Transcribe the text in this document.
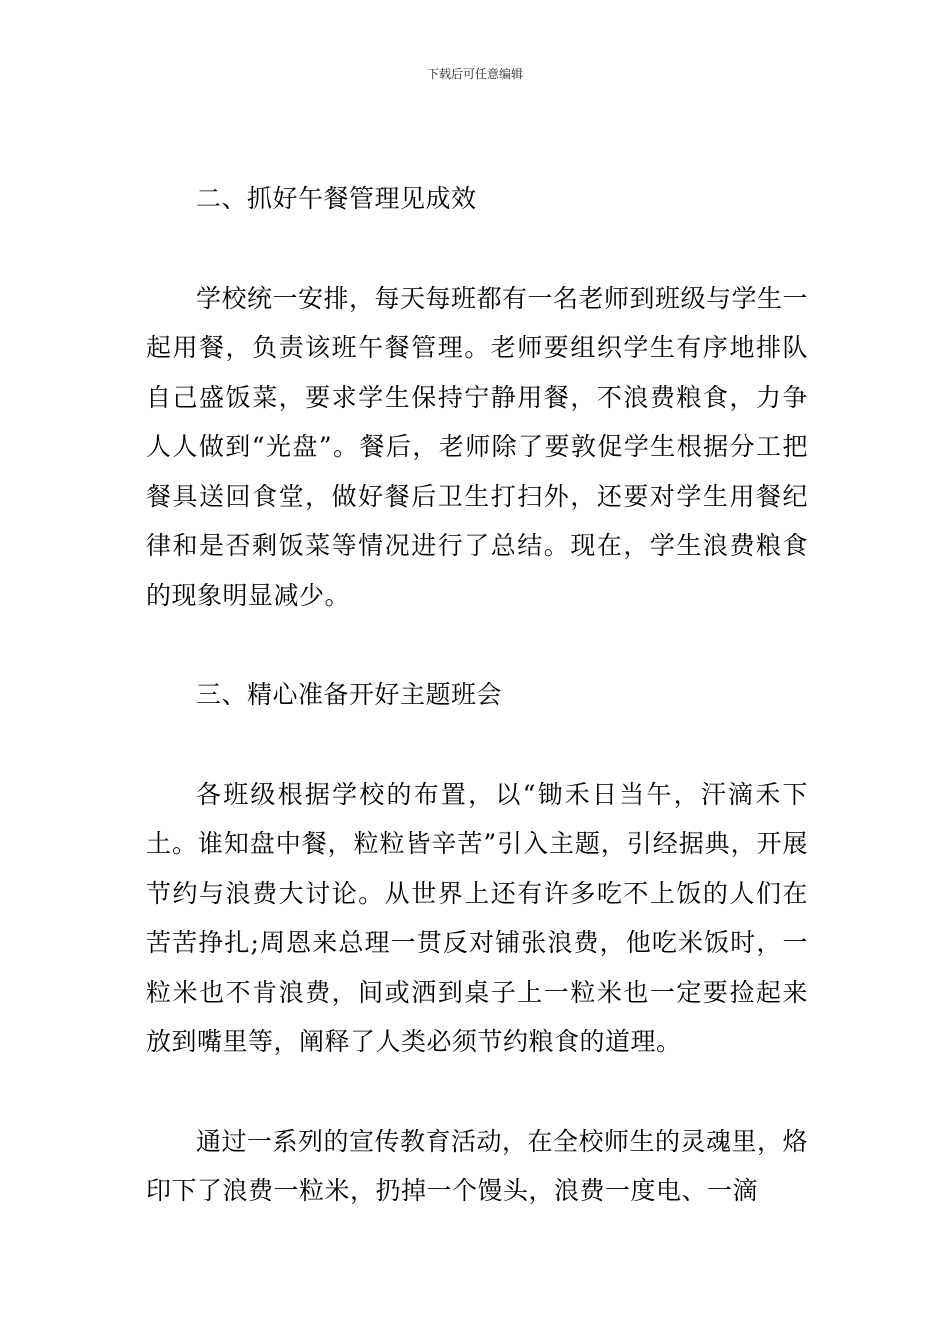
下载后可任意编辑

二、抓好午餐管理见成效

学校统一安排，每天每班都有一名老师到班级与学生一起用餐，负责该班午餐管理。老师要组织学生有序地排队自己盛饭菜，要求学生保持宁静用餐，不浪费粮食，力争人人做到“光盘”。餐后，老师除了要敦促学生根据分工把餐具送回食堂，做好餐后卫生打扫外，还要对学生用餐纪律和是否剩饭菜等情况进行了总结。现在，学生浪费粮食的现象明显减少。

三、精心准备开好主题班会

各班级根据学校的布置，以“锄禾日当午，汗滴禾下土。谁知盘中餐，粒粒皆辛苦”引入主题，引经据典，开展节约与浪费大讨论。从世界上还有许多吃不上饭的人们在苦苦挣扎;周恩来总理一贯反对铺张浪费，他吃米饭时，一粒米也不肯浪费，间或洒到桌子上一粒米也一定要捡起来放到嘴里等，阐释了人类必须节约粮食的道理。

通过一系列的宣传教育活动，在全校师生的灵魂里，烙印下了浪费一粒米，扔掉一个馒头，浪费一度电、一滴
